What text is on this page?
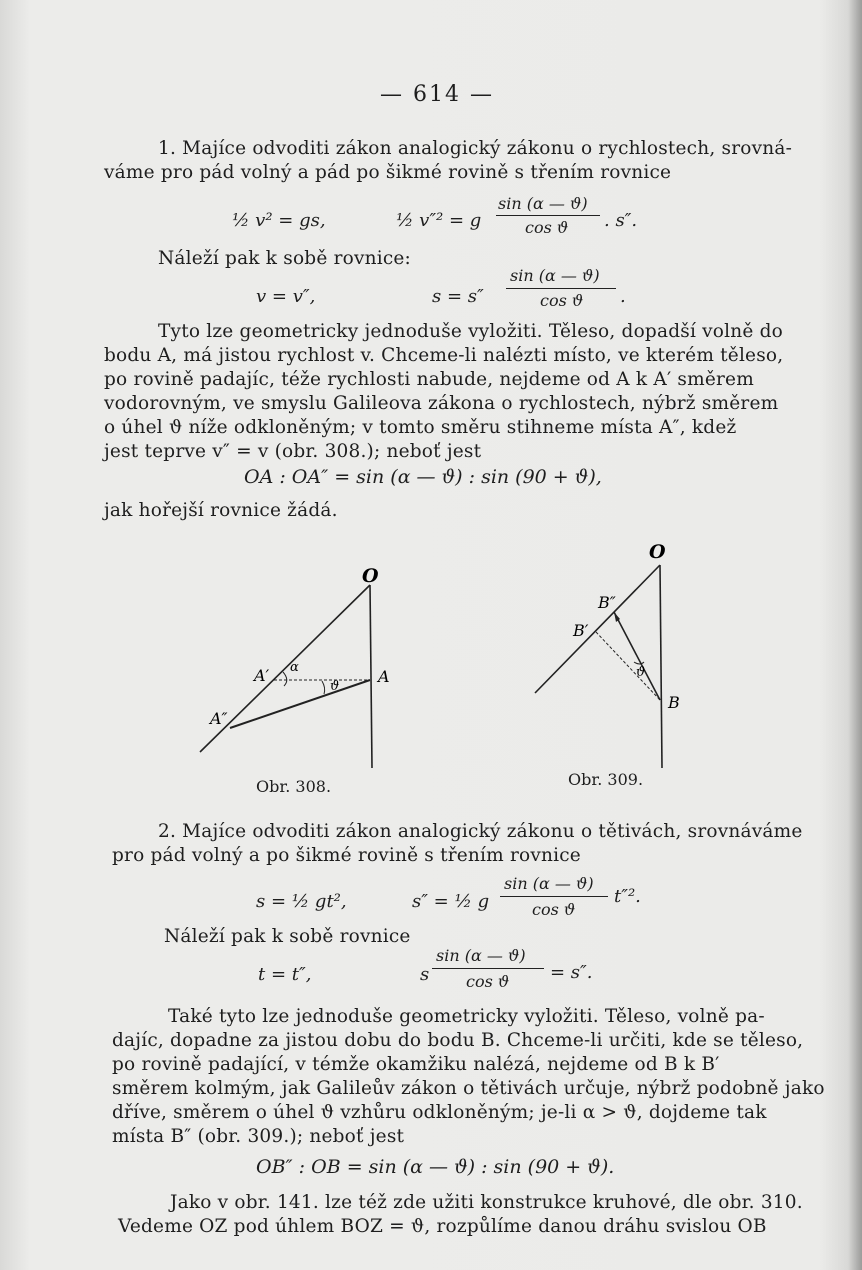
— 614 —
1. Majíce odvoditi zákon analogický zákonu o rychlostech, srovná-
váme pro pád volný a pád po šikmé rovině s třením rovnice
½ v² = gs,	½ v″² = g
sin (α — ϑ)
cos ϑ . s″.
Náleží pak k sobě rovnice:
v = v″,	s = s″
sin (α — ϑ)
cos ϑ .
Tyto lze geometricky jednoduše vyložiti. Těleso, dopadší volně do
bodu A, má jistou rychlost v. Chceme-li nalézti místo, ve kterém těleso,
po rovině padajíc, téže rychlosti nabude, nejdeme od A k A′ směrem
vodorovným, ve smyslu Galileova zákona o rychlostech, nýbrž směrem
o úhel ϑ níže odkloněným; v tomto směru stihneme místa A″, kdež
jest teprve v″ = v (obr. 308.); neboť jest
OA : OA″ = sin (α — ϑ) : sin (90 + ϑ),
jak hořejší rovnice žádá.
O
A′ α
ϑ
A
A″
O
B″
B′
ϑ
B
Obr. 308.	Obr. 309.
2. Majíce odvoditi zákon analogický zákonu o tětivách, srovnáváme
pro pád volný a po šikmé rovině s třením rovnice
s = ½ gt²,	s″ = ½ g
sin (α — ϑ)
cos ϑ
t″².
Náleží pak k sobě rovnice
t = t″,	s
sin (α — ϑ)
cos ϑ = s″.
Také tyto lze jednoduše geometricky vyložiti. Těleso, volně pa-
dajíc, dopadne za jistou dobu do bodu B. Chceme-li určiti, kde se těleso,
po rovině padající, v témže okamžiku nalézá, nejdeme od B k B′
směrem kolmým, jak Galileův zákon o tětivách určuje, nýbrž podobně jako
dříve, směrem o úhel ϑ vzhůru odkloněným; je-li α > ϑ, dojdeme tak
místa B″ (obr. 309.); neboť jest
OB″ : OB = sin (α — ϑ) : sin (90 + ϑ).
Jako v obr. 141. lze též zde užiti konstrukce kruhové, dle obr. 310.
Vedeme OZ pod úhlem BOZ = ϑ, rozpůlíme danou dráhu svislou OB
